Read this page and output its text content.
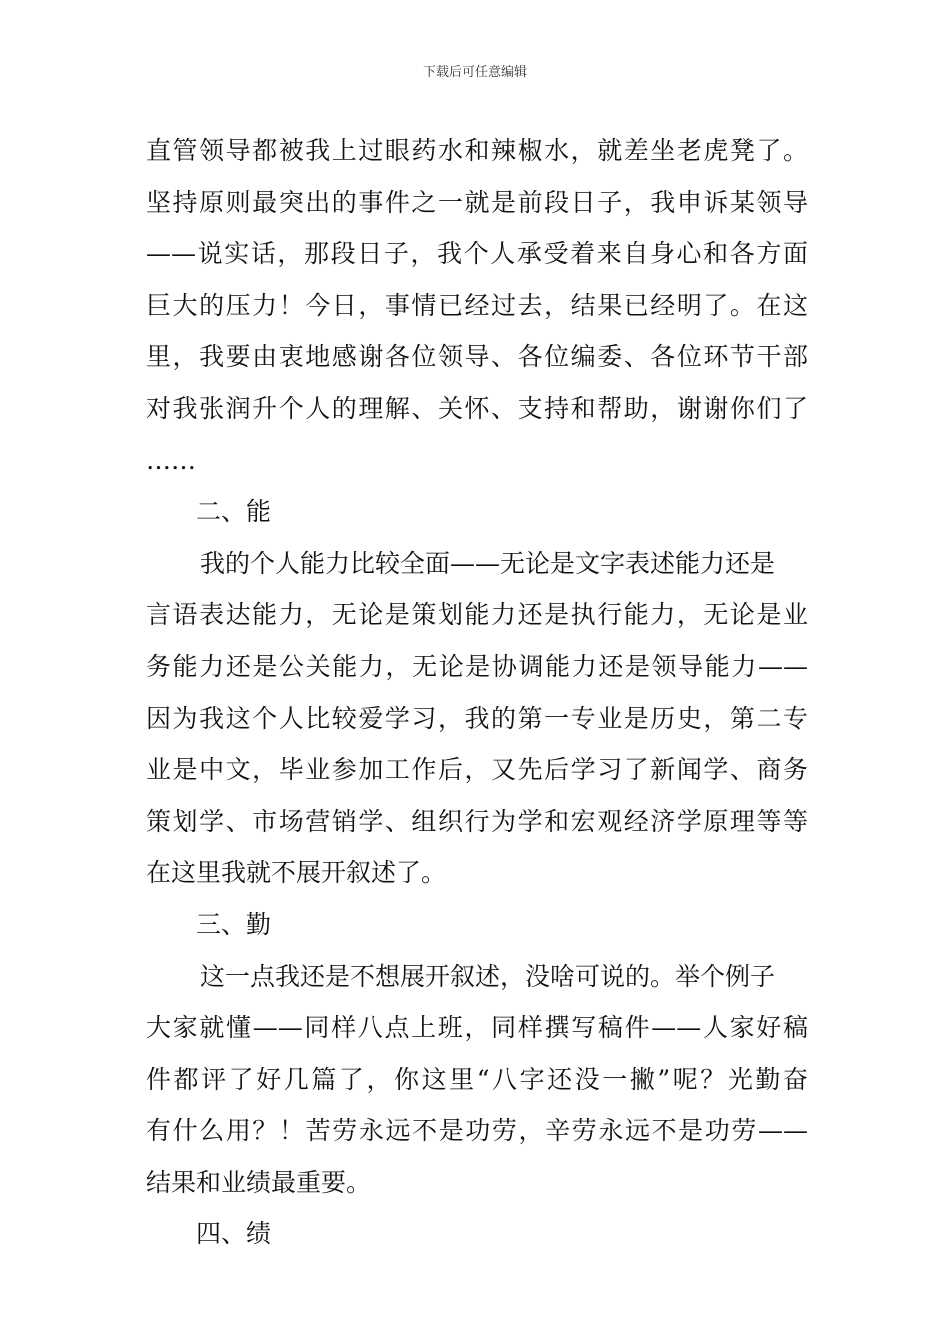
下载后可任意编辑
直管领导都被我上过眼药水和辣椒水，就差坐老虎凳了。
坚持原则最突出的事件之一就是前段日子，我申诉某领导
——说实话，那段日子，我个人承受着来自身心和各方面
巨大的压力！今日，事情已经过去，结果已经明了。在这
里，我要由衷地感谢各位领导、各位编委、各位环节干部
对我张润升个人的理解、关怀、支持和帮助，谢谢你们了
……
二、能
我的个人能力比较全面——无论是文字表述能力还是
言语表达能力，无论是策划能力还是执行能力，无论是业
务能力还是公关能力，无论是协调能力还是领导能力——
因为我这个人比较爱学习，我的第一专业是历史，第二专
业是中文，毕业参加工作后，又先后学习了新闻学、商务
策划学、市场营销学、组织行为学和宏观经济学原理等等
在这里我就不展开叙述了。
三、勤
这一点我还是不想展开叙述，没啥可说的。举个例子
大家就懂——同样八点上班，同样撰写稿件——人家好稿
件都评了好几篇了，你这里“八字还没一撇”呢？光勤奋
有什么用？！苦劳永远不是功劳，辛劳永远不是功劳——
结果和业绩最重要。
四、绩
